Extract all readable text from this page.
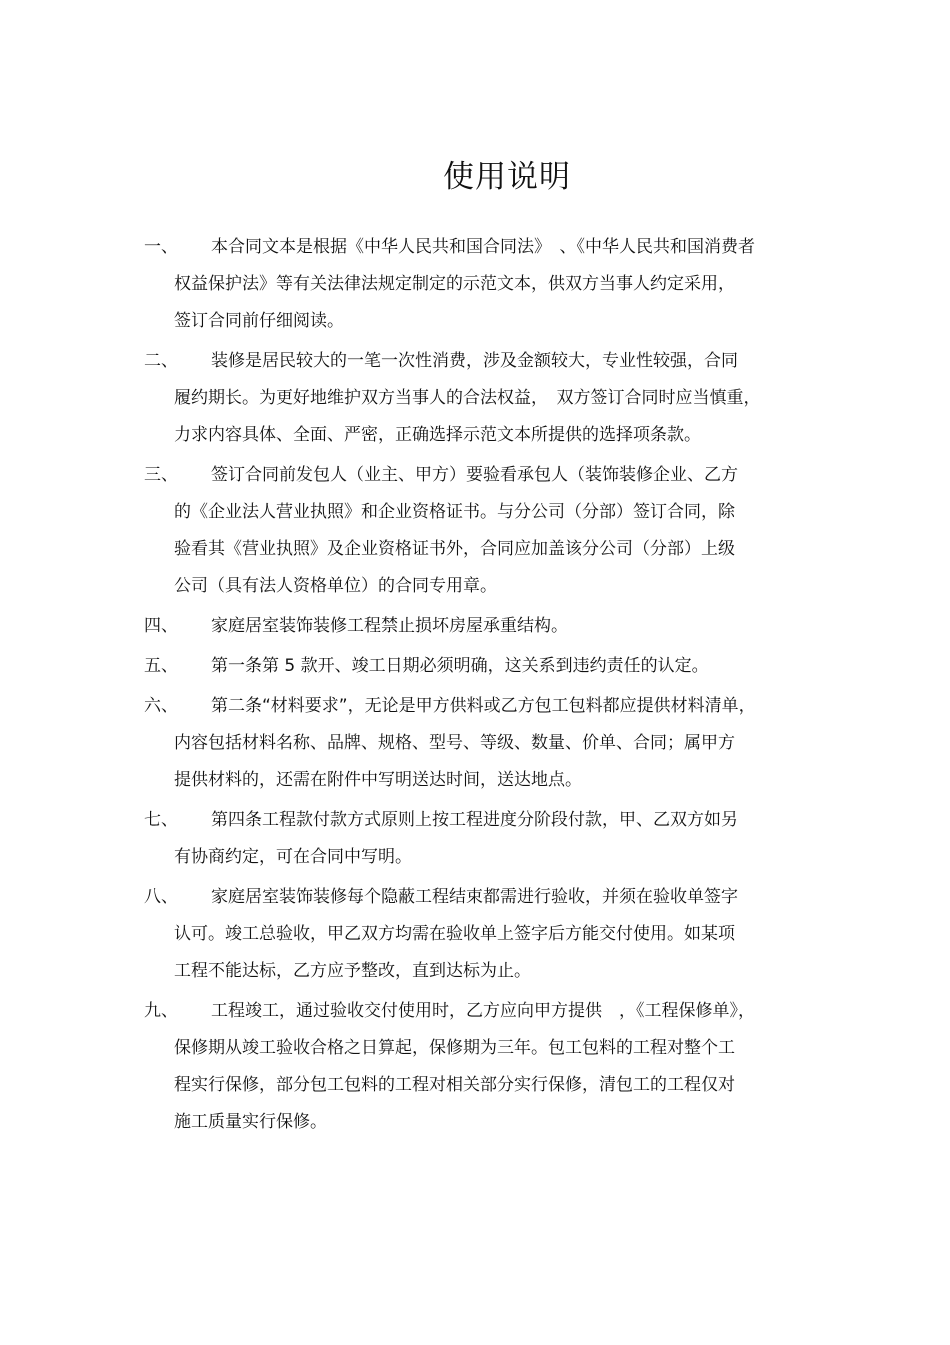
使用说明
一、	本合同文本是根据《中华人民共和国合同法》　、《中华人民共和国消费者
权益保护法》等有关法律法规定制定的示范文本，供双方当事人约定采用，
签订合同前仔细阅读。
二、	装修是居民较大的一笔一次性消费，涉及金额较大，专业性较强，合同
履约期长。为更好地维护双方当事人的合法权益，　双方签订合同时应当慎重，
力求内容具体、全面、严密，正确选择示范文本所提供的选择项条款。
三、	签订合同前发包人（业主、甲方）要验看承包人（装饰装修企业、乙方
的《企业法人营业执照》和企业资格证书。与分公司（分部）签订合同，除
验看其《营业执照》及企业资格证书外，合同应加盖该分公司（分部）上级
公司（具有法人资格单位）的合同专用章。
四、	家庭居室装饰装修工程禁止损坏房屋承重结构。
五、	第一条第 5 款开、竣工日期必须明确，这关系到违约责任的认定。
六、	第二条“材料要求”，无论是甲方供料或乙方包工包料都应提供材料清单，
内容包括材料名称、品牌、规格、型号、等级、数量、价单、合同；属甲方
提供材料的，还需在附件中写明送达时间，送达地点。
七、	第四条工程款付款方式原则上按工程进度分阶段付款，甲、乙双方如另
有协商约定，可在合同中写明。
八、	家庭居室装饰装修每个隐蔽工程结束都需进行验收，并须在验收单签字
认可。竣工总验收，甲乙双方均需在验收单上签字后方能交付使用。如某项
工程不能达标，乙方应予整改，直到达标为止。
九、	工程竣工，通过验收交付使用时，乙方应向甲方提供　，《工程保修单》，
保修期从竣工验收合格之日算起，保修期为三年。包工包料的工程对整个工
程实行保修，部分包工包料的工程对相关部分实行保修，清包工的工程仅对
施工质量实行保修。
